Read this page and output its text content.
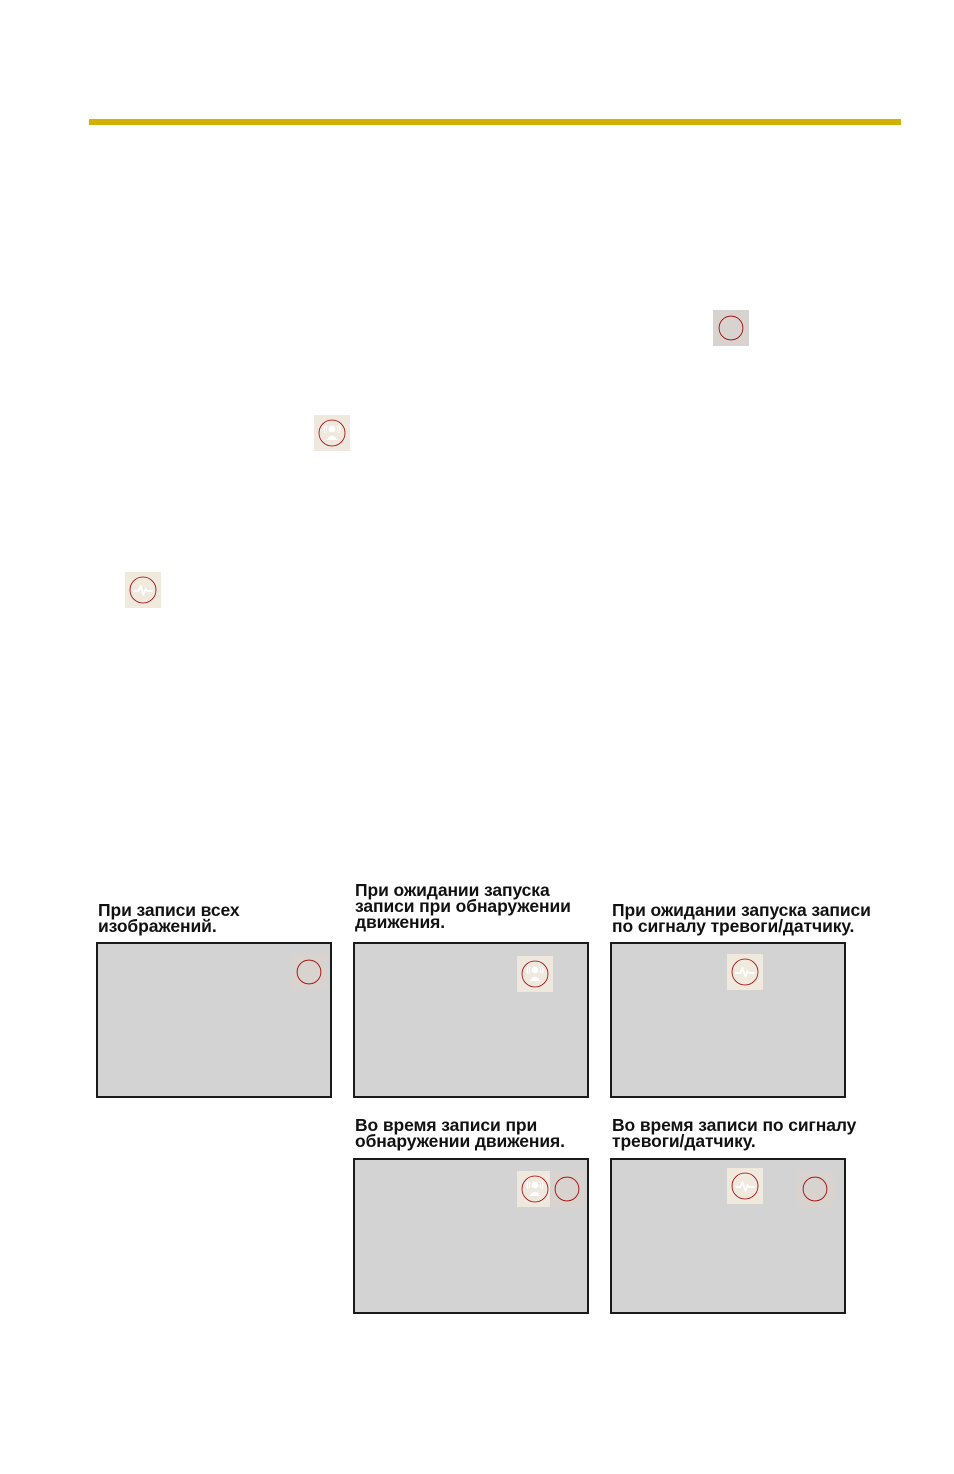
При записи всех
изображений.

При ожидании запуска
записи при обнаружении
движения.

При ожидании запуска записи
по сигналу тревоги/датчику.

Во время записи при
обнаружении движения.

Во время записи по сигналу
тревоги/датчику.
